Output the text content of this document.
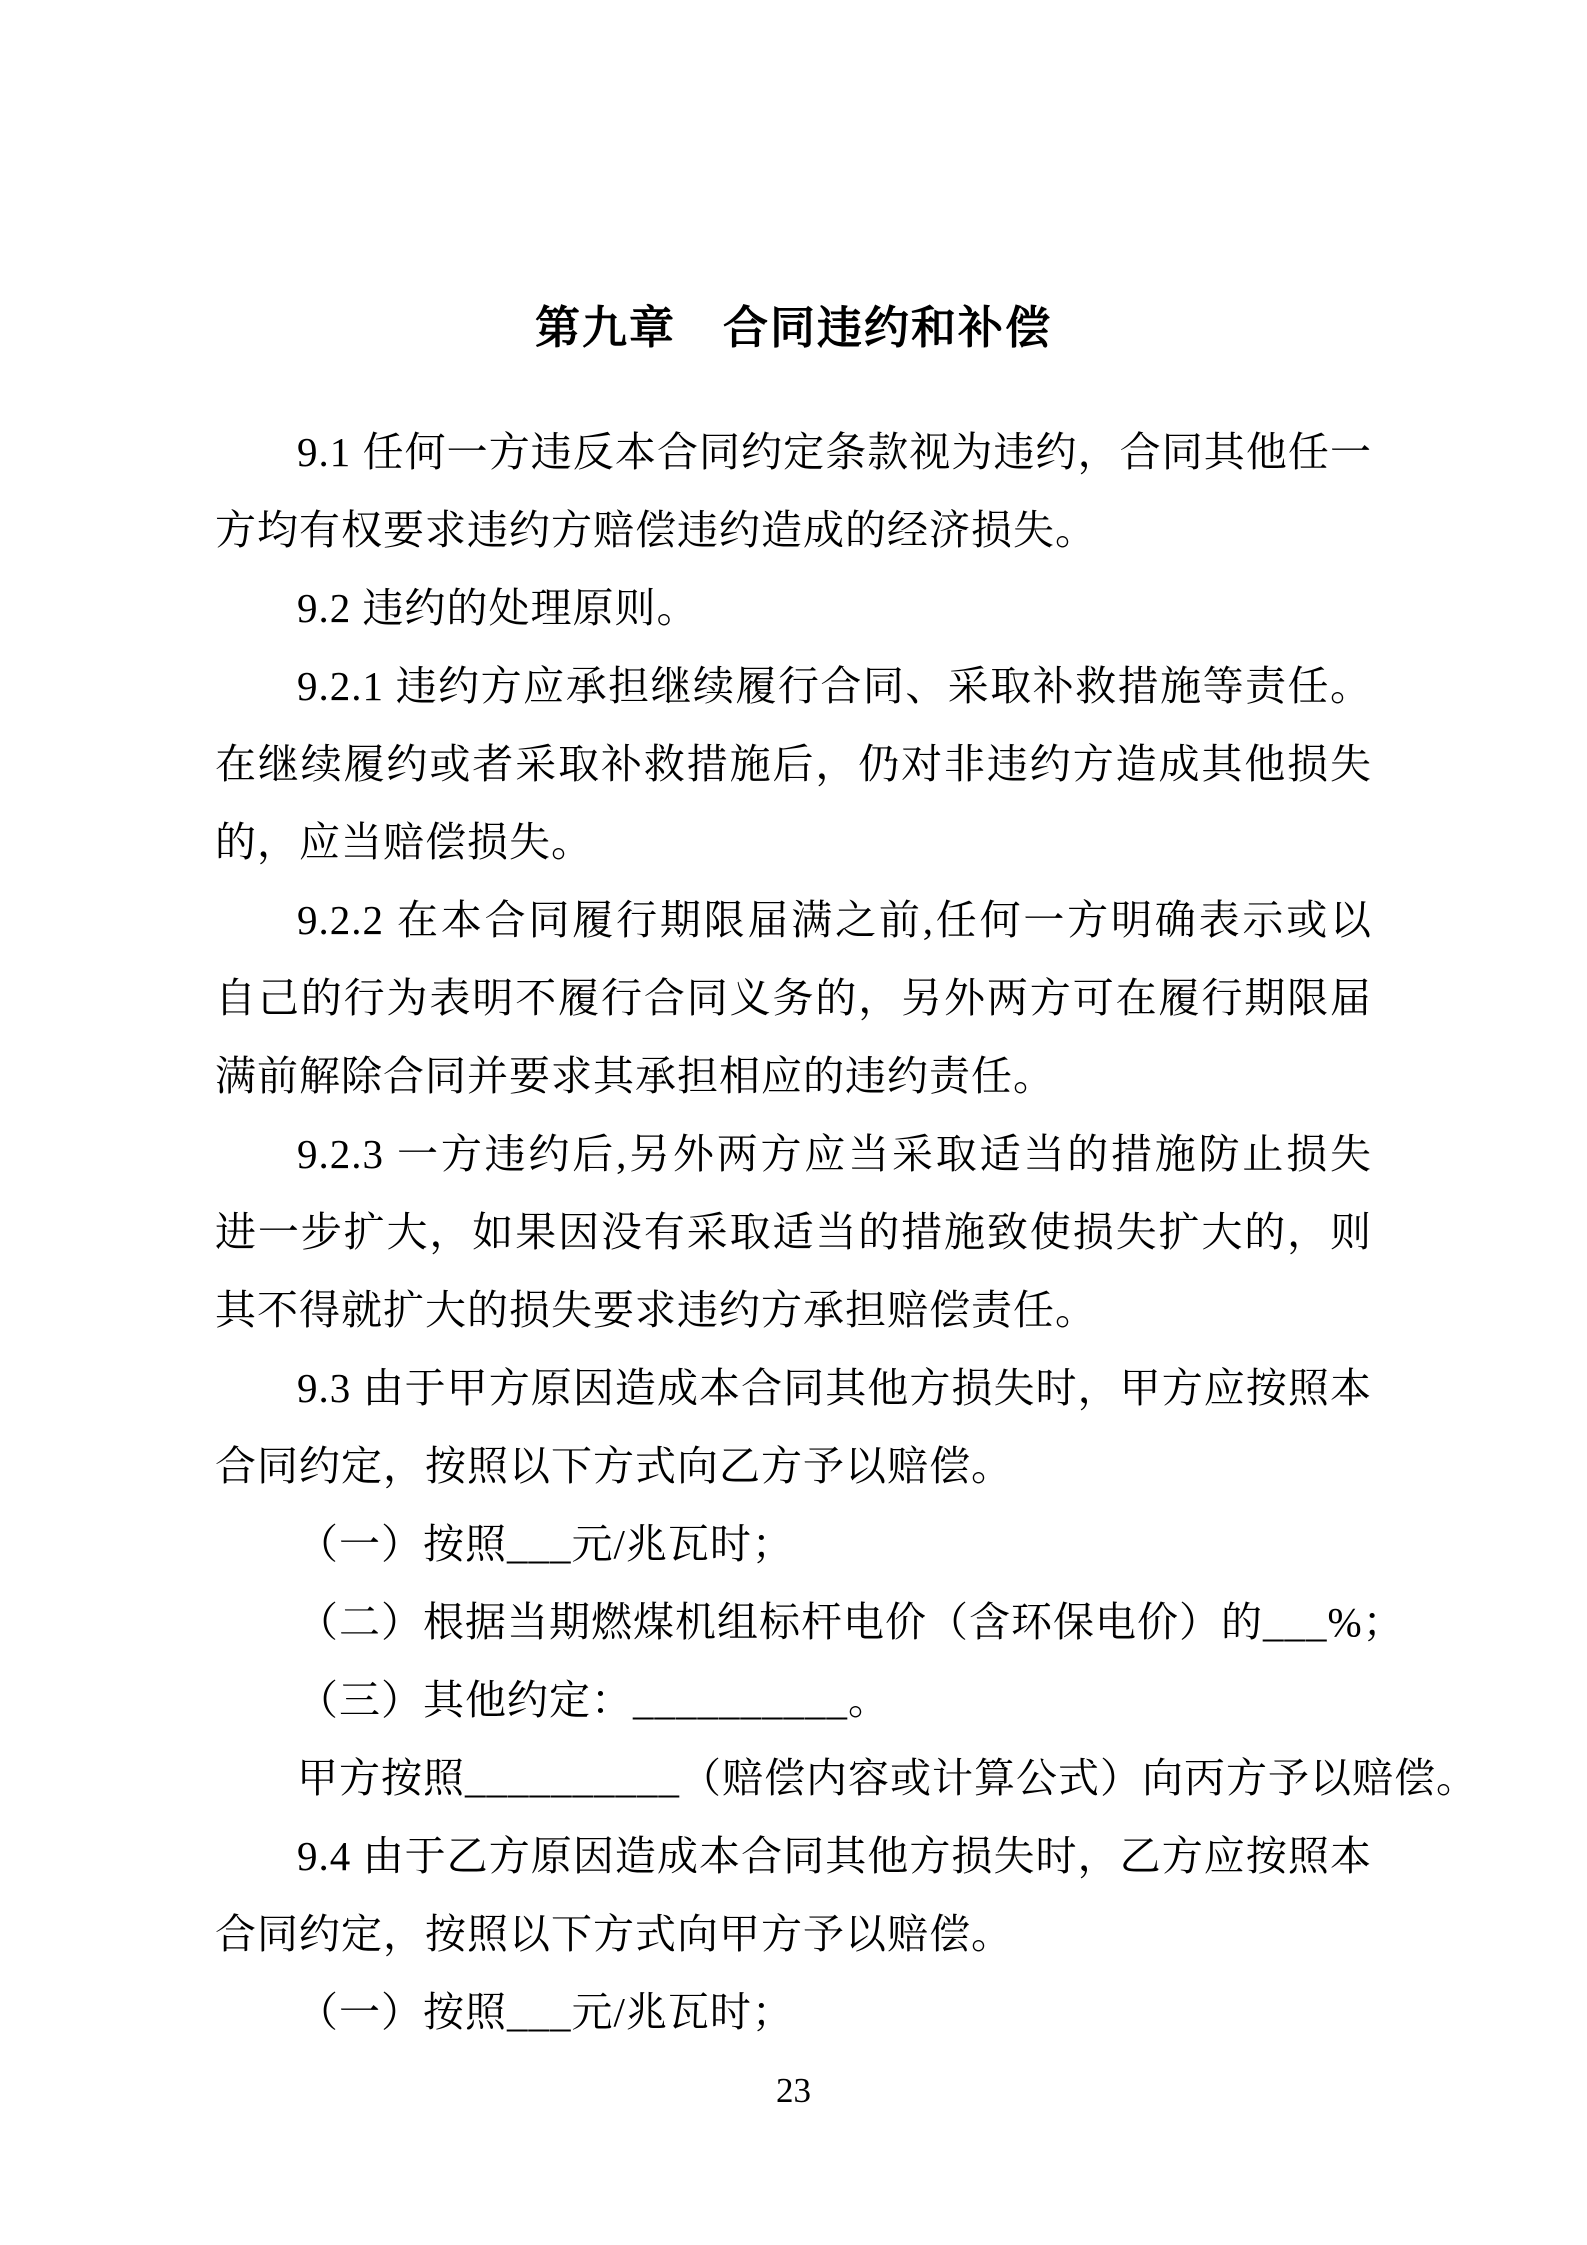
第九章　合同违约和补偿

9.1 任何一方违反本合同约定条款视为违约，合同其他任一方均有权要求违约方赔偿违约造成的经济损失。

9.2 违约的处理原则。

9.2.1 违约方应承担继续履行合同、采取补救措施等责任。在继续履约或者采取补救措施后，仍对非违约方造成其他损失的，应当赔偿损失。

9.2.2 在本合同履行期限届满之前,任何一方明确表示或以自己的行为表明不履行合同义务的，另外两方可在履行期限届满前解除合同并要求其承担相应的违约责任。

9.2.3 一方违约后,另外两方应当采取适当的措施防止损失进一步扩大，如果因没有采取适当的措施致使损失扩大的，则其不得就扩大的损失要求违约方承担赔偿责任。

9.3 由于甲方原因造成本合同其他方损失时，甲方应按照本合同约定，按照以下方式向乙方予以赔偿。

（一）按照___元/兆瓦时；

（二）根据当期燃煤机组标杆电价（含环保电价）的___%；

（三）其他约定：__________。

甲方按照__________（赔偿内容或计算公式）向丙方予以赔偿。

9.4 由于乙方原因造成本合同其他方损失时，乙方应按照本合同约定，按照以下方式向甲方予以赔偿。

（一）按照___元/兆瓦时；

23
